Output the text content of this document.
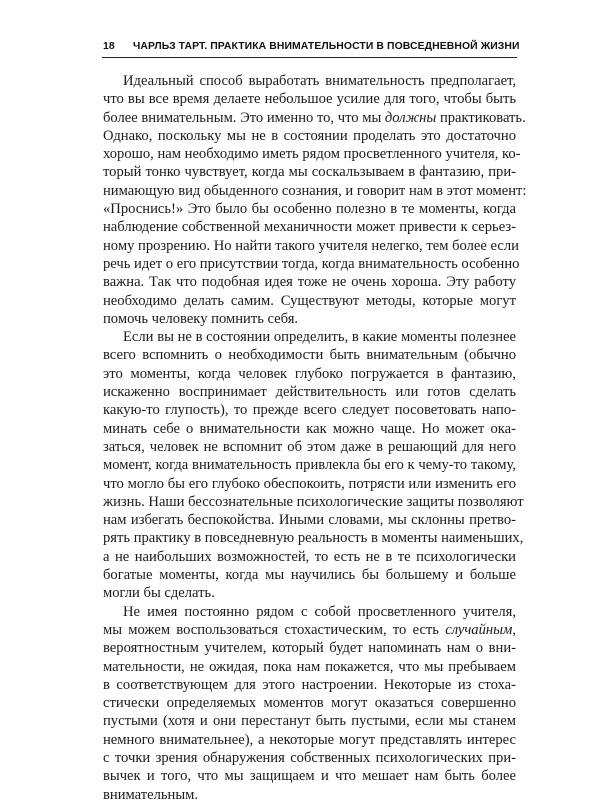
18 ЧАРЛЬЗ ТАРТ. ПРАКТИКА ВНИМАТЕЛЬНОСТИ В ПОВСЕДНЕВНОЙ ЖИЗНИ
Идеальный способ выработать внимательность предполагает,
что вы все время делаете небольшое усилие для того, чтобы быть
более внимательным. Это именно то, что мы должны практиковать.
Однако, поскольку мы не в состоянии проделать это достаточно
хорошо, нам необходимо иметь рядом просветленного учителя, ко-
торый тонко чувствует, когда мы соскальзываем в фантазию, при-
нимающую вид обыденного сознания, и говорит нам в этот момент:
«Проснись!» Это было бы особенно полезно в те моменты, когда
наблюдение собственной механичности может привести к серьез-
ному прозрению. Но найти такого учителя нелегко, тем более если
речь идет о его присутствии тогда, когда внимательность особенно
важна. Так что подобная идея тоже не очень хороша. Эту работу
необходимо делать самим. Существуют методы, которые могут
помочь человеку помнить себя.
Если вы не в состоянии определить, в какие моменты полезнее
всего вспомнить о необходимости быть внимательным (обычно
это моменты, когда человек глубоко погружается в фантазию,
искаженно воспринимает действительность или готов сделать
какую-то глупость), то прежде всего следует посоветовать напо-
минать себе о внимательности как можно чаще. Но может ока-
заться, человек не вспомнит об этом даже в решающий для него
момент, когда внимательность привлекла бы его к чему-то такому,
что могло бы его глубоко обеспокоить, потрясти или изменить его
жизнь. Наши бессознательные психологические защиты позволяют
нам избегать беспокойства. Иными словами, мы склонны претво-
рять практику в повседневную реальность в моменты наименьших,
а не наибольших возможностей, то есть не в те психологически
богатые моменты, когда мы научились бы большему и больше
могли бы сделать.
Не имея постоянно рядом с собой просветленного учителя,
мы можем воспользоваться стохастическим, то есть случайным,
вероятностным учителем, который будет напоминать нам о вни-
мательности, не ожидая, пока нам покажется, что мы пребываем
в соответствующем для этого настроении. Некоторые из стоха-
стически определяемых моментов могут оказаться совершенно
пустыми (хотя и они перестанут быть пустыми, если мы станем
немного внимательнее), а некоторые могут представлять интерес
с точки зрения обнаружения собственных психологических при-
вычек и того, что мы защищаем и что мешает нам быть более
внимательным.
